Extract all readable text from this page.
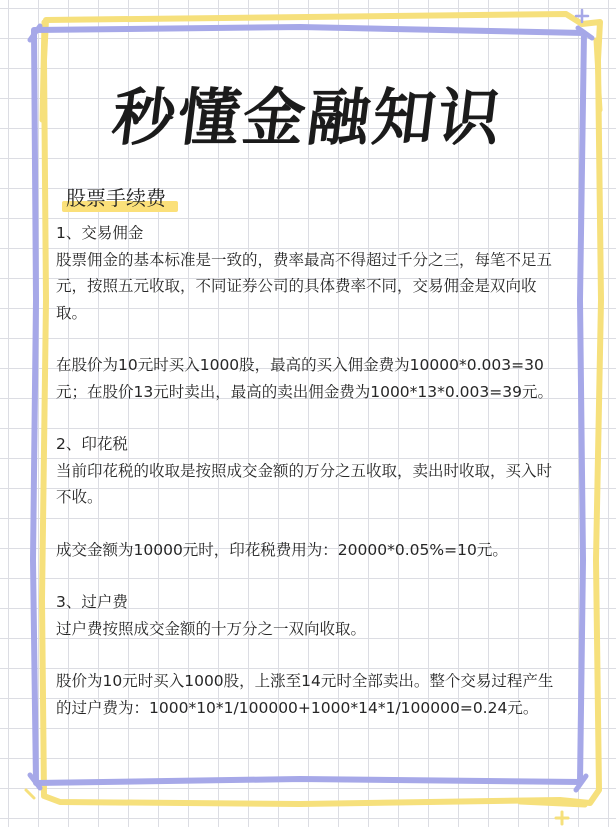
秒懂金融知识
股票手续费

1、交易佣金

股票佣金的基本标准是一致的，费率最高不得超过千分之三，每笔不足五元，按照五元收取，不同证券公司的具体费率不同，交易佣金是双向收取。

在股价为10元时买入1000股，最高的买入佣金费为10000*0.003=30元；在股价13元时卖出，最高的卖出佣金费为1000*13*0.003=39元。

2、印花税

当前印花税的收取是按照成交金额的万分之五收取，卖出时收取，买入时不收。

成交金额为10000元时，印花税费用为：20000*0.05%=10元。

3、过户费

过户费按照成交金额的十万分之一双向收取。

股价为10元时买入1000股，上涨至14元时全部卖出。整个交易过程产生的过户费为：1000*10*1/100000+1000*14*1/100000=0.24元。
